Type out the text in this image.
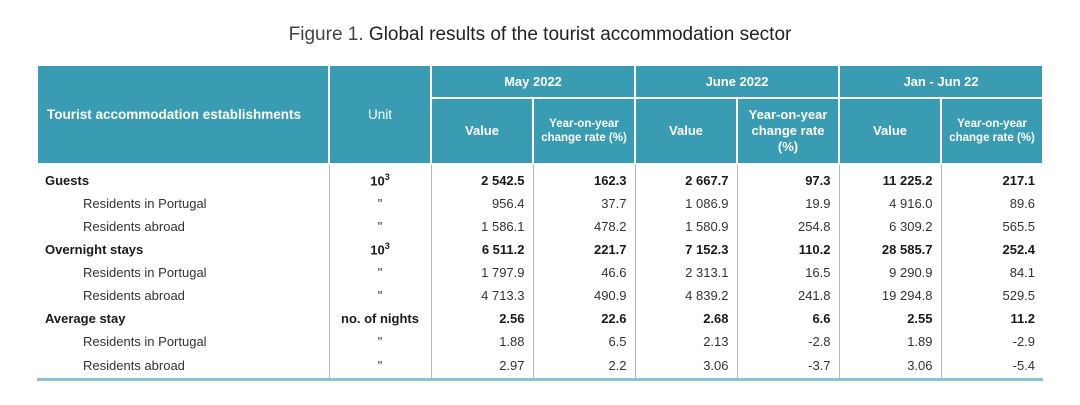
Figure 1. Global results of the tourist accommodation sector
Tourist accommodation establishments	Unit	May 2022		June 2022		Jan - Jun 22	
		Value	Year-on-year change rate (%)	Value	Year-on-year change rate (%)	Value	Year-on-year change rate (%)
Guests	$10^3$	2 542.5	162.3	2 667.7	97.3	11 225.2	217.1
Residents in Portugal	"	956.4	37.7	1 086.9	19.9	4 916.0	89.6
Residents abroad	"	1 586.1	478.2	1 580.9	254.8	6 309.2	565.5
Overnight stays	$10^3$	6 511.2	221.7	7 152.3	110.2	28 585.7	252.4
Residents in Portugal	"	1 797.9	46.6	2 313.1	16.5	9 290.9	84.1
Residents abroad	"	4 713.3	490.9	4 839.2	241.8	19 294.8	529.5
Average stay	no. of nights	2.56	22.6	2.68	6.6	2.55	11.2
Residents in Portugal	"	1.88	6.5	2.13	-2.8	1.89	-2.9
Residents abroad	"	2.97	2.2	3.06	-3.7	3.06	-5.4
